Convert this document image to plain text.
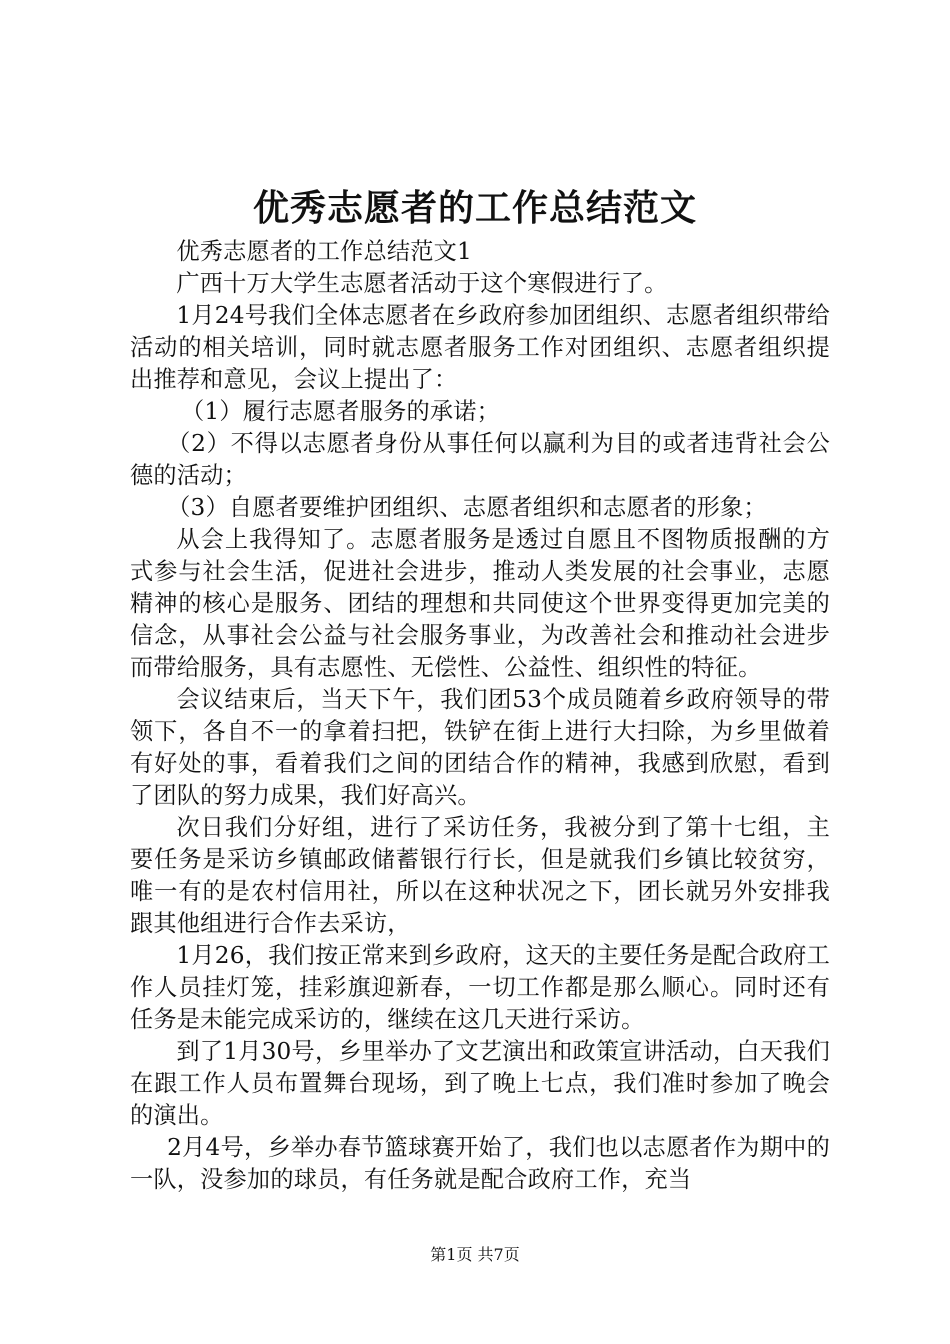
优秀志愿者的工作总结范文

优秀志愿者的工作总结范文1

广西十万大学生志愿者活动于这个寒假进行了。

1月24号我们全体志愿者在乡政府参加团组织、志愿者组织带给活动的相关培训，同时就志愿者服务工作对团组织、志愿者组织提出推荐和意见，会议上提出了：

（1）履行志愿者服务的承诺；

（2）不得以志愿者身份从事任何以赢利为目的或者违背社会公德的活动；

（3）自愿者要维护团组织、志愿者组织和志愿者的形象；

从会上我得知了。志愿者服务是透过自愿且不图物质报酬的方式参与社会生活，促进社会进步，推动人类发展的社会事业，志愿精神的核心是服务、团结的理想和共同使这个世界变得更加完美的信念，从事社会公益与社会服务事业，为改善社会和推动社会进步而带给服务，具有志愿性、无偿性、公益性、组织性的特征。

会议结束后，当天下午，我们团53个成员随着乡政府领导的带领下，各自不一的拿着扫把，铁铲在街上进行大扫除，为乡里做着有好处的事，看着我们之间的团结合作的精神，我感到欣慰，看到了团队的努力成果，我们好高兴。

次日我们分好组，进行了采访任务，我被分到了第十七组，主要任务是采访乡镇邮政储蓄银行行长，但是就我们乡镇比较贫穷，唯一有的是农村信用社，所以在这种状况之下，团长就另外安排我跟其他组进行合作去采访，

1月26，我们按正常来到乡政府，这天的主要任务是配合政府工作人员挂灯笼，挂彩旗迎新春，一切工作都是那么顺心。同时还有任务是未能完成采访的，继续在这几天进行采访。

到了1月30号，乡里举办了文艺演出和政策宣讲活动，白天我们在跟工作人员布置舞台现场，到了晚上七点，我们准时参加了晚会的演出。

2月4号，乡举办春节篮球赛开始了，我们也以志愿者作为期中的一队，没参加的球员，有任务就是配合政府工作，充当

第1页 共7页
